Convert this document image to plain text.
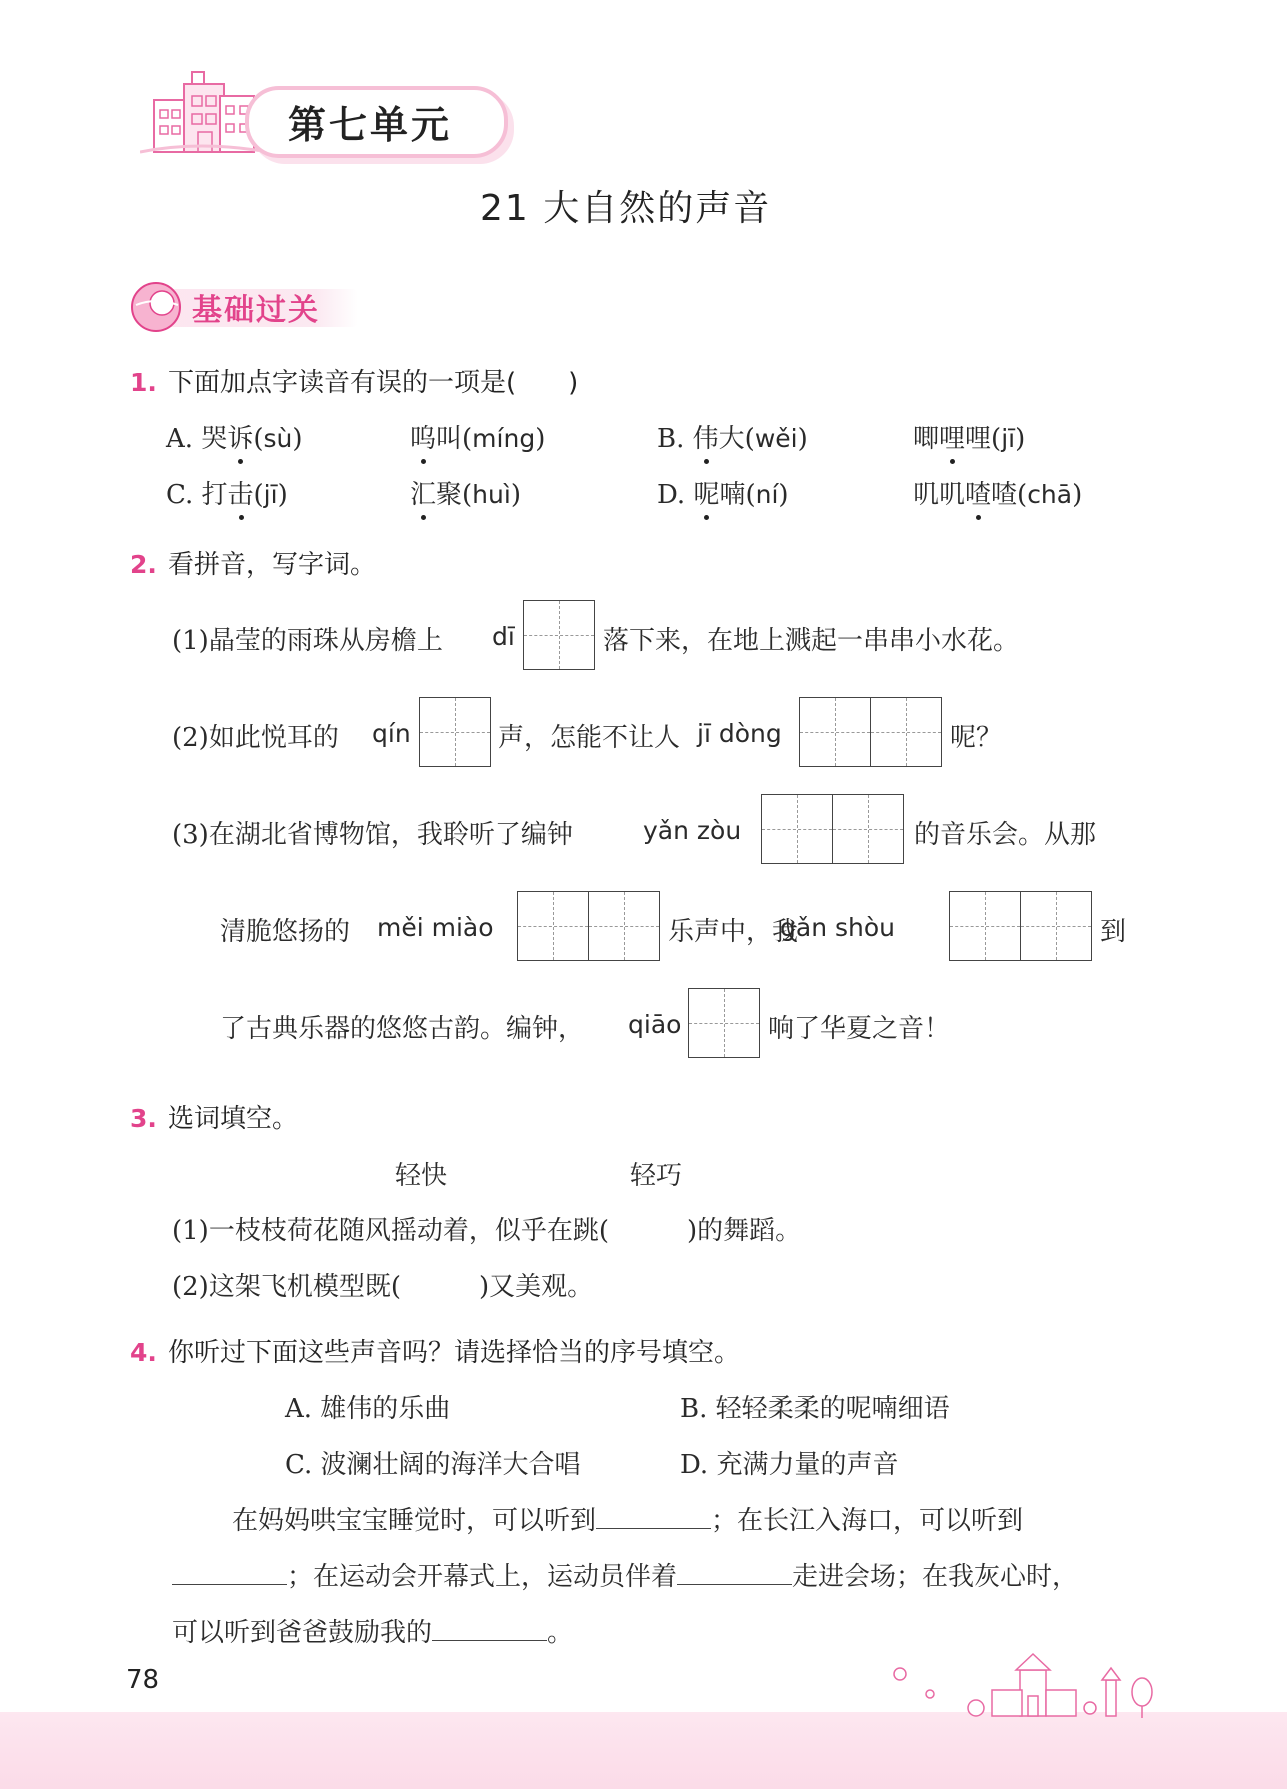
第七单元
21 大自然的声音
基础过关
1. 下面加点字读音有误的一项是(　　)
A. 哭诉(sù)	呜叫(míng)	B. 伟大(wěi)	唧哩哩(jī)
C. 打击(jī)	汇聚(huì)	D. 呢喃(ní)	叽叽喳喳(chā)
2. 看拼音，写字词。
(1)晶莹的雨珠从房檐上 dī	落下来，在地上溅起一串串小水花。
(2)如此悦耳的 qín	声，怎能不让人 jī dòng	呢？
(3)在湖北省博物馆，我聆听了编钟	yǎn zòu	的音乐会。从那
清脆悠扬的 měi miào	乐声中，我
gǎn shòu	到
了古典乐器的悠悠古韵。编钟， qiāo	响了华夏之音！
3. 选词填空。
轻快	轻巧
(1)一枝枝荷花随风摇动着，似乎在跳(　　　)的舞蹈。
(2)这架飞机模型既(　　　)又美观。
4. 你听过下面这些声音吗？请选择恰当的序号填空。
A. 雄伟的乐曲	B. 轻轻柔柔的呢喃细语
C. 波澜壮阔的海洋大合唱	D. 充满力量的声音
在妈妈哄宝宝睡觉时，可以听到	；在长江入海口，可以听到
；在运动会开幕式上，运动员伴着	走进会场；在我灰心时，
可以听到爸爸鼓励我的	。
78
